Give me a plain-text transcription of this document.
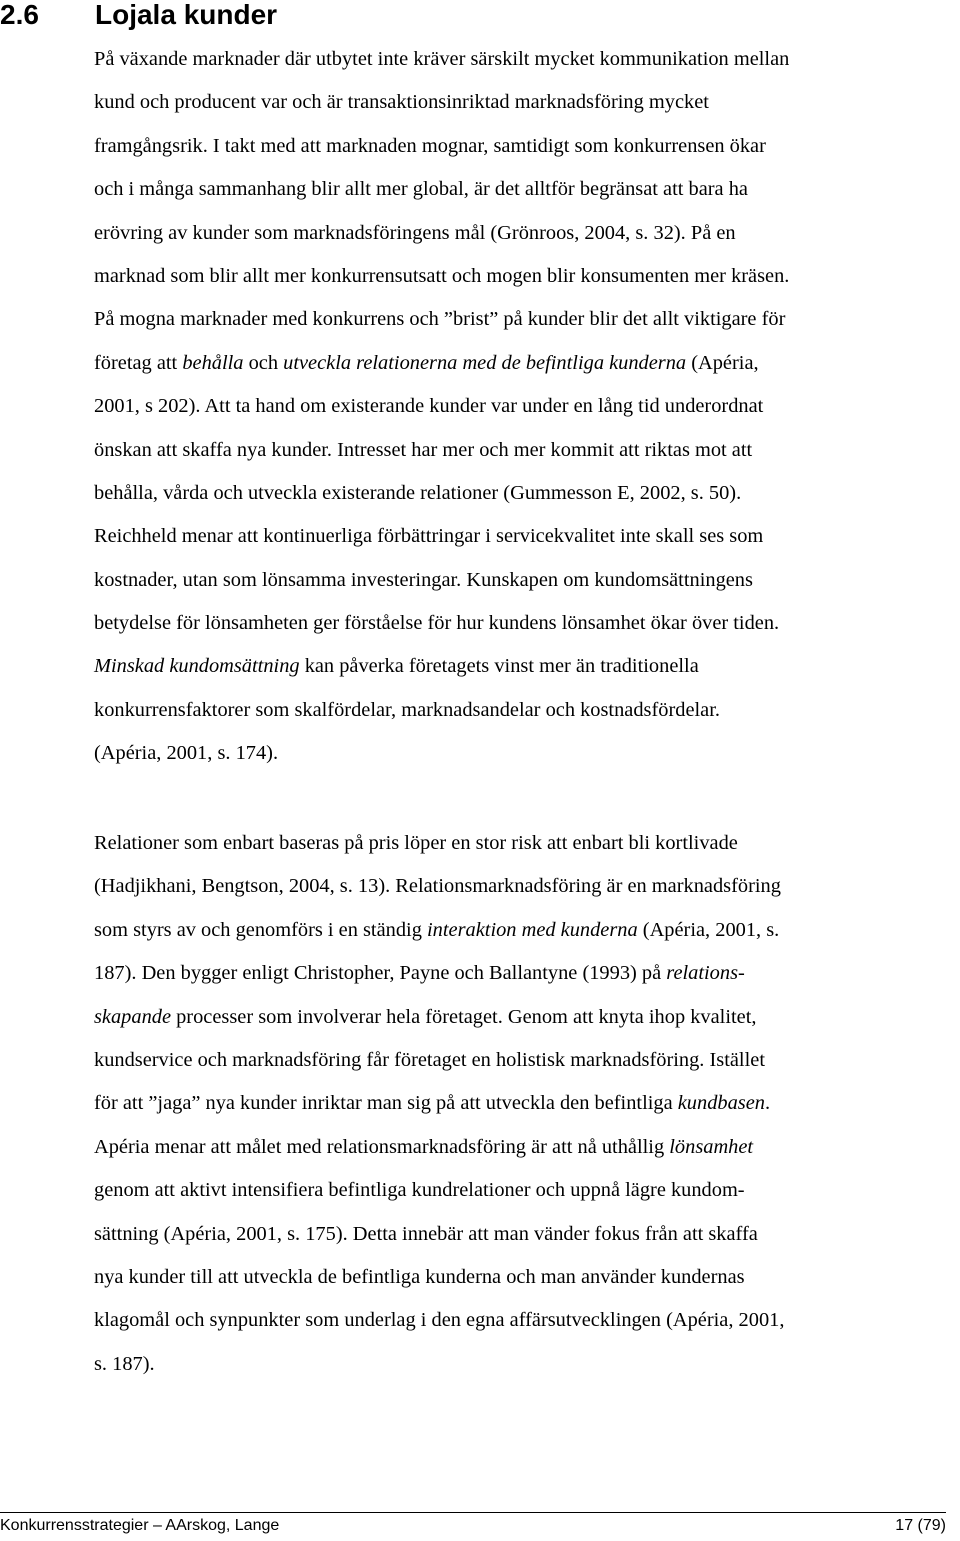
2.6 Lojala kunder
På växande marknader där utbytet inte kräver särskilt mycket kommunikation mellan
kund och producent var och är transaktionsinriktad marknadsföring mycket
framgångsrik. I takt med att marknaden mognar, samtidigt som konkurrensen ökar
och i många sammanhang blir allt mer global, är det alltför begränsat att bara ha
erövring av kunder som marknadsföringens mål (Grönroos, 2004, s. 32). På en
marknad som blir allt mer konkurrensutsatt och mogen blir konsumenten mer kräsen.
På mogna marknader med konkurrens och ”brist” på kunder blir det allt viktigare för
företag att behålla och utveckla relationerna med de befintliga kunderna (Apéria,
2001, s 202). Att ta hand om existerande kunder var under en lång tid underordnat
önskan att skaffa nya kunder. Intresset har mer och mer kommit att riktas mot att
behålla, vårda och utveckla existerande relationer (Gummesson E, 2002, s. 50).
Reichheld menar att kontinuerliga förbättringar i servicekvalitet inte skall ses som
kostnader, utan som lönsamma investeringar. Kunskapen om kundomsättningens
betydelse för lönsamheten ger förståelse för hur kundens lönsamhet ökar över tiden.
Minskad kundomsättning kan påverka företagets vinst mer än traditionella
konkurrensfaktorer som skalfördelar, marknadsandelar och kostnadsfördelar.
(Apéria, 2001, s. 174).
Relationer som enbart baseras på pris löper en stor risk att enbart bli kortlivade
(Hadjikhani, Bengtson, 2004, s. 13). Relationsmarknadsföring är en marknadsföring
som styrs av och genomförs i en ständig interaktion med kunderna (Apéria, 2001, s.
187). Den bygger enligt Christopher, Payne och Ballantyne (1993) på relations-
skapande processer som involverar hela företaget. Genom att knyta ihop kvalitet,
kundservice och marknadsföring får företaget en holistisk marknadsföring. Istället
för att ”jaga” nya kunder inriktar man sig på att utveckla den befintliga kundbasen.
Apéria menar att målet med relationsmarknadsföring är att nå uthållig lönsamhet
genom att aktivt intensifiera befintliga kundrelationer och uppnå lägre kundom-
sättning (Apéria, 2001, s. 175). Detta innebär att man vänder fokus från att skaffa
nya kunder till att utveckla de befintliga kunderna och man använder kundernas
klagomål och synpunkter som underlag i den egna affärsutvecklingen (Apéria, 2001,
s. 187).
Konkurrensstrategier – AArskog, Lange	17 (79)
